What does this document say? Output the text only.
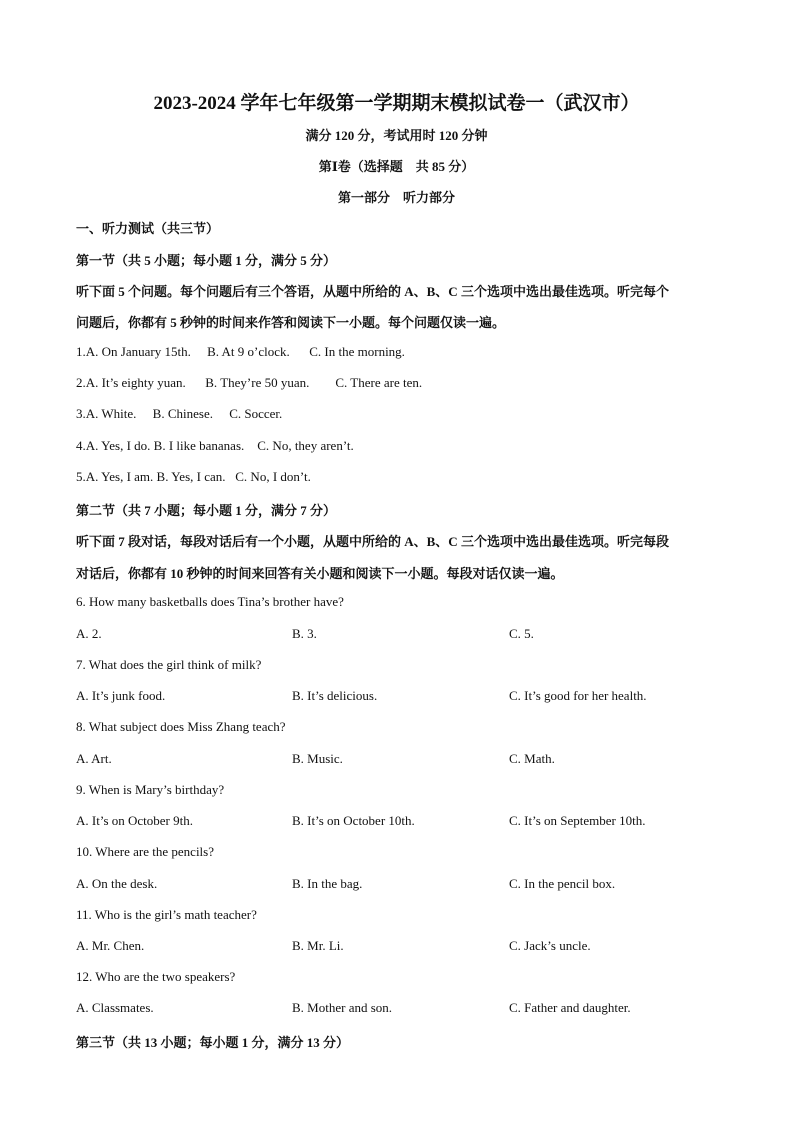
2023-2024 学年七年级第一学期期末模拟试卷一（武汉市）
满分 120 分，考试用时 120 分钟
第Ⅰ卷（选择题　共 85 分）
第一部分　听力部分
一、听力测试（共三节）
第一节（共 5 小题；每小题 1 分，满分 5 分）
听下面 5 个问题。每个问题后有三个答语，从题中所给的 A、B、C 三个选项中选出最佳选项。听完每个
问题后，你都有 5 秒钟的时间来作答和阅读下一小题。每个问题仅读一遍。
1.A. On January 15th.     B. At 9 o’clock.      C. In the morning.
2.A. It’s eighty yuan.      B. They’re 50 yuan.        C. There are ten.
3.A. White.     B. Chinese.     C. Soccer.
4.A. Yes, I do. B. I like bananas.    C. No, they aren’t.
5.A. Yes, I am. B. Yes, I can.   C. No, I don’t.
第二节（共 7 小题；每小题 1 分，满分 7 分）
听下面 7 段对话，每段对话后有一个小题，从题中所给的 A、B、C 三个选项中选出最佳选项。听完每段
对话后，你都有 10 秒钟的时间来回答有关小题和阅读下一小题。每段对话仅读一遍。
6. How many basketballs does Tina’s brother have?
A. 2.	B. 3.	C. 5.
7. What does the girl think of milk?
A. It’s junk food.	B. It’s delicious.	C. It’s good for her health.
8. What subject does Miss Zhang teach?
A. Art.	B. Music.	C. Math.
9. When is Mary’s birthday?
A. It’s on October 9th.	B. It’s on October 10th.	C. It’s on September 10th.
10. Where are the pencils?
A. On the desk.	B. In the bag.	C. In the pencil box.
11. Who is the girl’s math teacher?
A. Mr. Chen.	B. Mr. Li.	C. Jack’s uncle.
12. Who are the two speakers?
A. Classmates.	B. Mother and son.	C. Father and daughter.
第三节（共 13 小题；每小题 1 分，满分 13 分）
